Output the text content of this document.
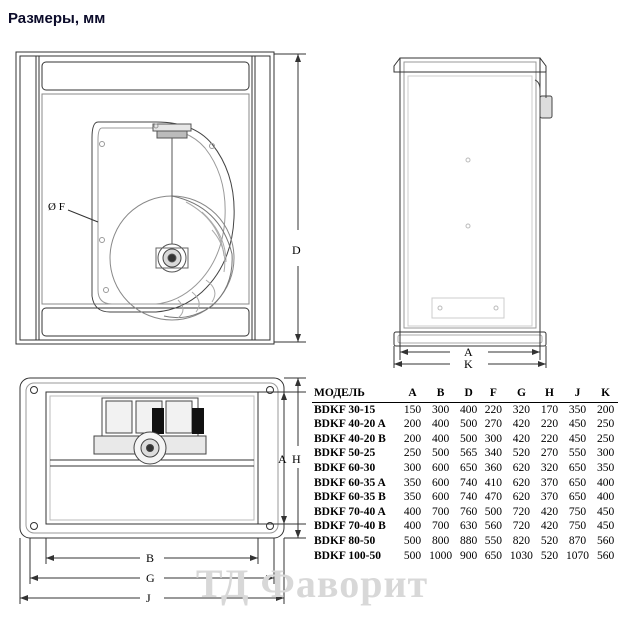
Размеры, мм
Ø F
D
A
K
H
A
B
G
J
МОДЕЛЬ	A	B	D	F	G	H	J	K
BDKF 30-15	150	300	400	220	320	170	350	200
BDKF 40-20 A	200	400	500	270	420	220	450	250
BDKF 40-20 B	200	400	500	300	420	220	450	250
BDKF 50-25	250	500	565	340	520	270	550	300
BDKF 60-30	300	600	650	360	620	320	650	350
BDKF 60-35 A	350	600	740	410	620	370	650	400
BDKF 60-35 B	350	600	740	470	620	370	650	400
BDKF 70-40 A	400	700	760	500	720	420	750	450
BDKF 70-40 B	400	700	630	560	720	420	750	450
BDKF 80-50	500	800	880	550	820	520	870	560
BDKF 100-50	500	1000	900	650	1030	520	1070	560
ТД Фаворит
